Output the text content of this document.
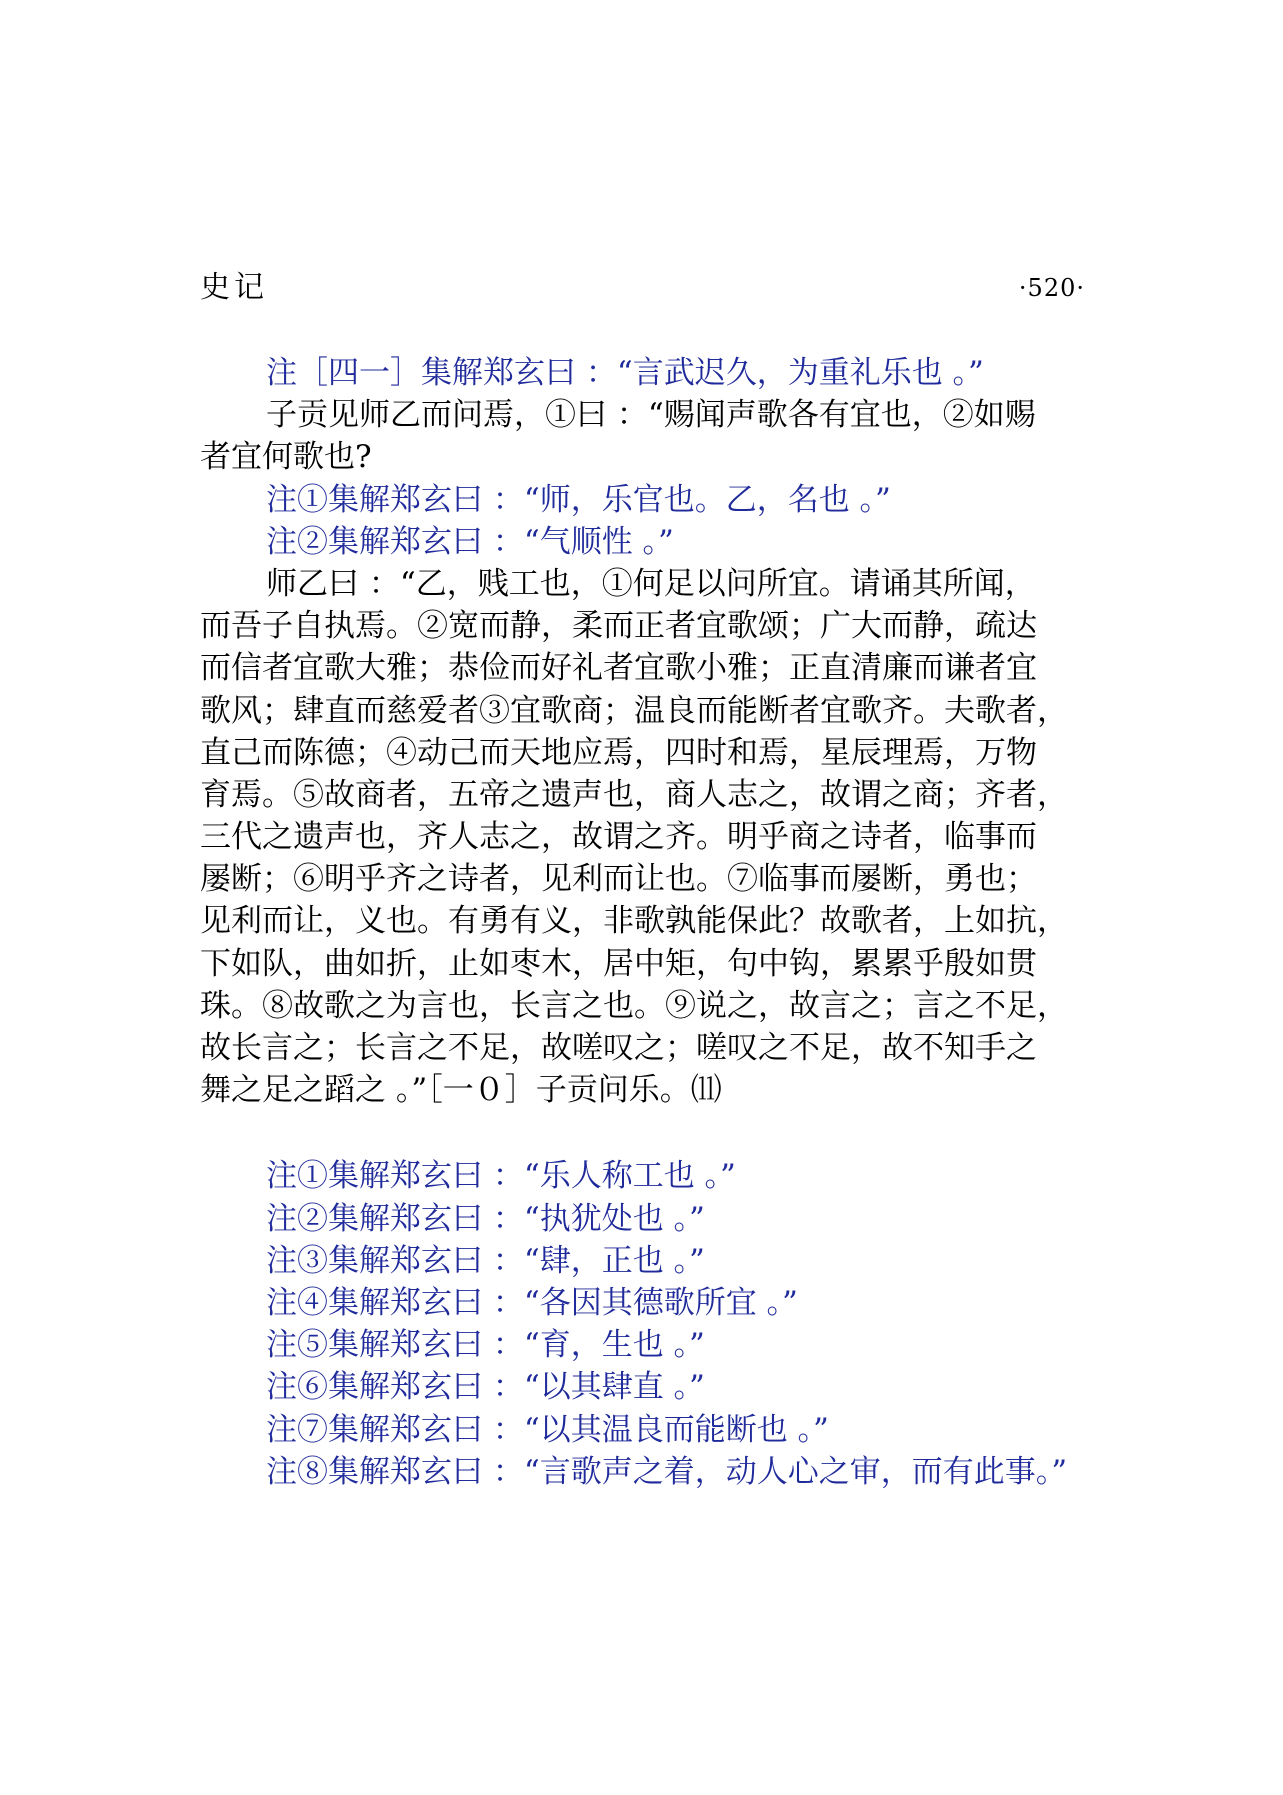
史记	·520·
注［四一］集解郑玄曰 ：“言武迟久，为重礼乐也 。”
子贡见师乙而问焉，①曰 ：“赐闻声歌各有宜也，②如赐
者宜何歌也?
注①集解郑玄曰 ：“师，乐官也。乙，名也 。”
注②集解郑玄曰 ：“气顺性 。”
师乙曰 ：“乙，贱工也，①何足以问所宜。请诵其所闻，
而吾子自执焉。②宽而静，柔而正者宜歌颂；广大而静，疏达
而信者宜歌大雅；恭俭而好礼者宜歌小雅；正直清廉而谦者宜
歌风；肆直而慈爱者③宜歌商；温良而能断者宜歌齐。夫歌者，
直己而陈德；④动己而天地应焉，四时和焉，星辰理焉，万物
育焉。⑤故商者，五帝之遗声也，商人志之，故谓之商；齐者，
三代之遗声也，齐人志之，故谓之齐。明乎商之诗者，临事而
屡断；⑥明乎齐之诗者，见利而让也。⑦临事而屡断，勇也；
见利而让，义也。有勇有义，非歌孰能保此？故歌者，上如抗，
下如队，曲如折，止如枣木，居中矩，句中钩，累累乎殷如贯
珠。⑧故歌之为言也，长言之也。⑨说之，故言之；言之不足，
故长言之；长言之不足，故嗟叹之；嗟叹之不足，故不知手之
舞之足之蹈之 。”［一０］子贡问乐。⑾
注①集解郑玄曰 ：“乐人称工也 。”
注②集解郑玄曰 ：“执犹处也 。”
注③集解郑玄曰 ：“肆，正也 。”
注④集解郑玄曰 ：“各因其德歌所宜 。”
注⑤集解郑玄曰 ：“育，生也 。”
注⑥集解郑玄曰 ：“以其肆直 。”
注⑦集解郑玄曰 ：“以其温良而能断也 。”
注⑧集解郑玄曰 ：“言歌声之着，动人心之审，而有此事。”
